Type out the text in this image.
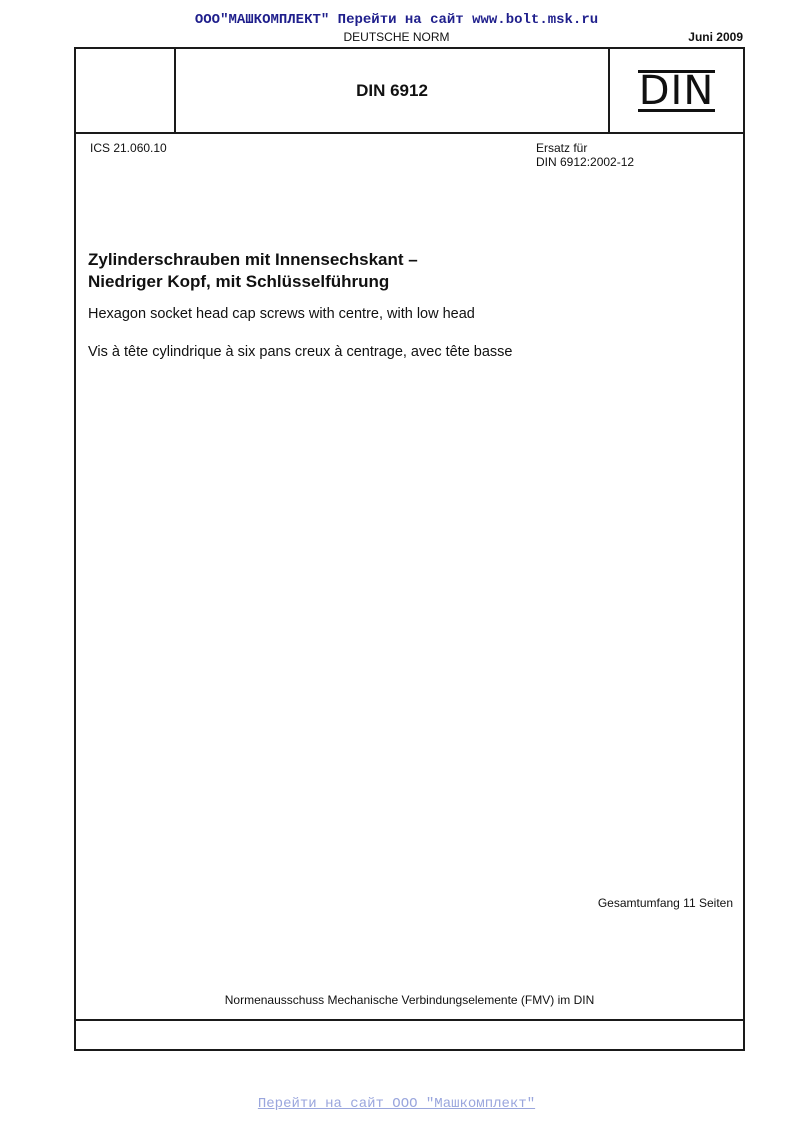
ООО"МАШКОМПЛЕКТ" Перейти на сайт www.bolt.msk.ru
DEUTSCHE NORM	Juni 2009
DIN 6912	DIN
ICS 21.060.10	Ersatz für
DIN 6912:2002-12
Zylinderschrauben mit Innensechskant –
Niedriger Kopf, mit Schlüsselführung
Hexagon socket head cap screws with centre, with low head
Vis à tête cylindrique à six pans creux à centrage, avec tête basse
Gesamtumfang 11 Seiten
Normenausschuss Mechanische Verbindungselemente (FMV) im DIN
Перейти на сайт ООО "Машкомплект"
